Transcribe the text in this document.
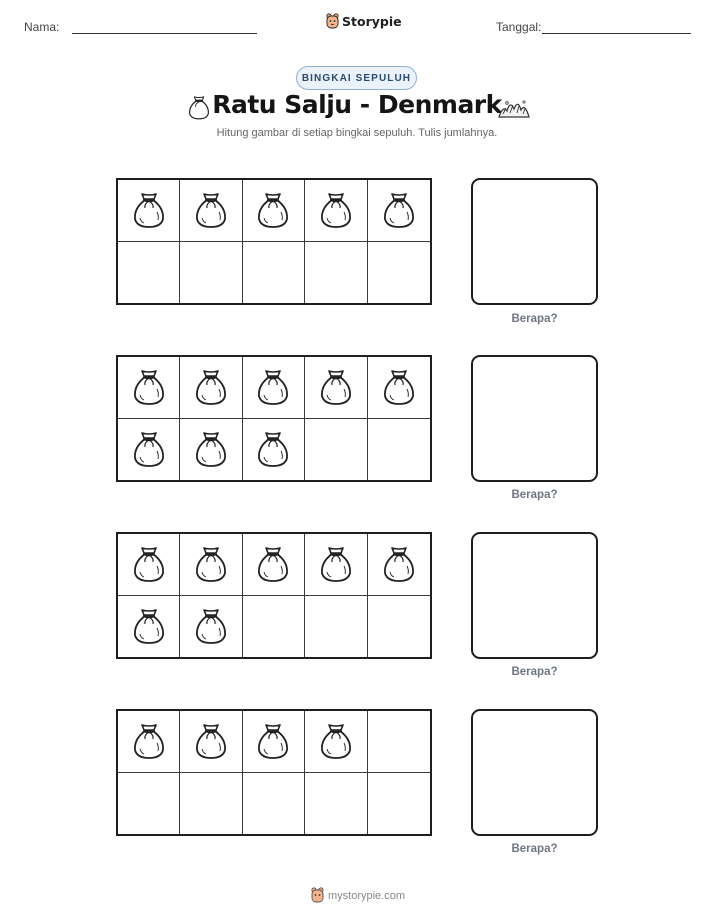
Nama:	Storypie	Tanggal:
BINGKAI SEPULUH
Ratu Salju - Denmark
Hitung gambar di setiap bingkai sepuluh. Tulis jumlahnya.
Berapa?
Berapa?
Berapa?
Berapa?
mystorypie.com
